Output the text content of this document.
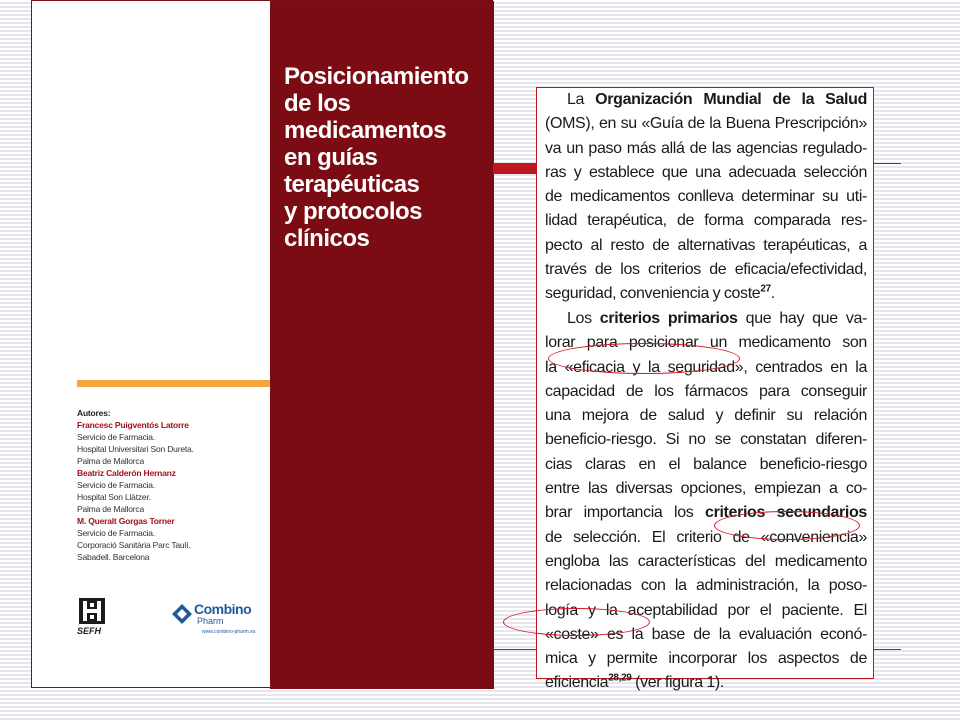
Posicionamiento
de los
medicamentos
en guías
terapéuticas
y protocolos
clínicos
Autores:
Francesc Puigventós Latorre
Servicio de Farmacia.
Hospital Universitari Son Dureta.
Palma de Mallorca
Beatriz Calderón Hernanz
Servicio de Farmacia.
Hospital Son Llàtzer.
Palma de Mallorca
M. Queralt Gorgas Torner
Servicio de Farmacia.
Corporació Sanitària Parc Taulí.
Sabadell. Barcelona
SEFH
Combino
Pharm
www.combino-pharm.es
La Organización Mundial de la Salud
(OMS), en su «Guía de la Buena Prescripción»
va un paso más allá de las agencias regulado-
ras y establece que una adecuada selección
de medicamentos conlleva determinar su uti-
lidad terapéutica, de forma comparada res-
pecto al resto de alternativas terapéuticas, a
través de los criterios de eficacia/efectividad,
seguridad, conveniencia y coste$^{27}$.
Los criterios primarios que hay que va-
lorar para posicionar un medicamento son
la «eficacia y la seguridad», centrados en la
capacidad de los fármacos para conseguir
una mejora de salud y definir su relación
beneficio-riesgo. Si no se constatan diferen-
cias claras en el balance beneficio-riesgo
entre las diversas opciones, empiezan a co-
brar importancia los criterios secundarios
de selección. El criterio de «conveniencia»
engloba las características del medicamento
relacionadas con la administración, la poso-
logía y la aceptabilidad por el paciente. El
«coste» es la base de la evaluación econó-
mica y permite incorporar los aspectos de
eficiencia$^{28,29}$ (ver figura 1).
